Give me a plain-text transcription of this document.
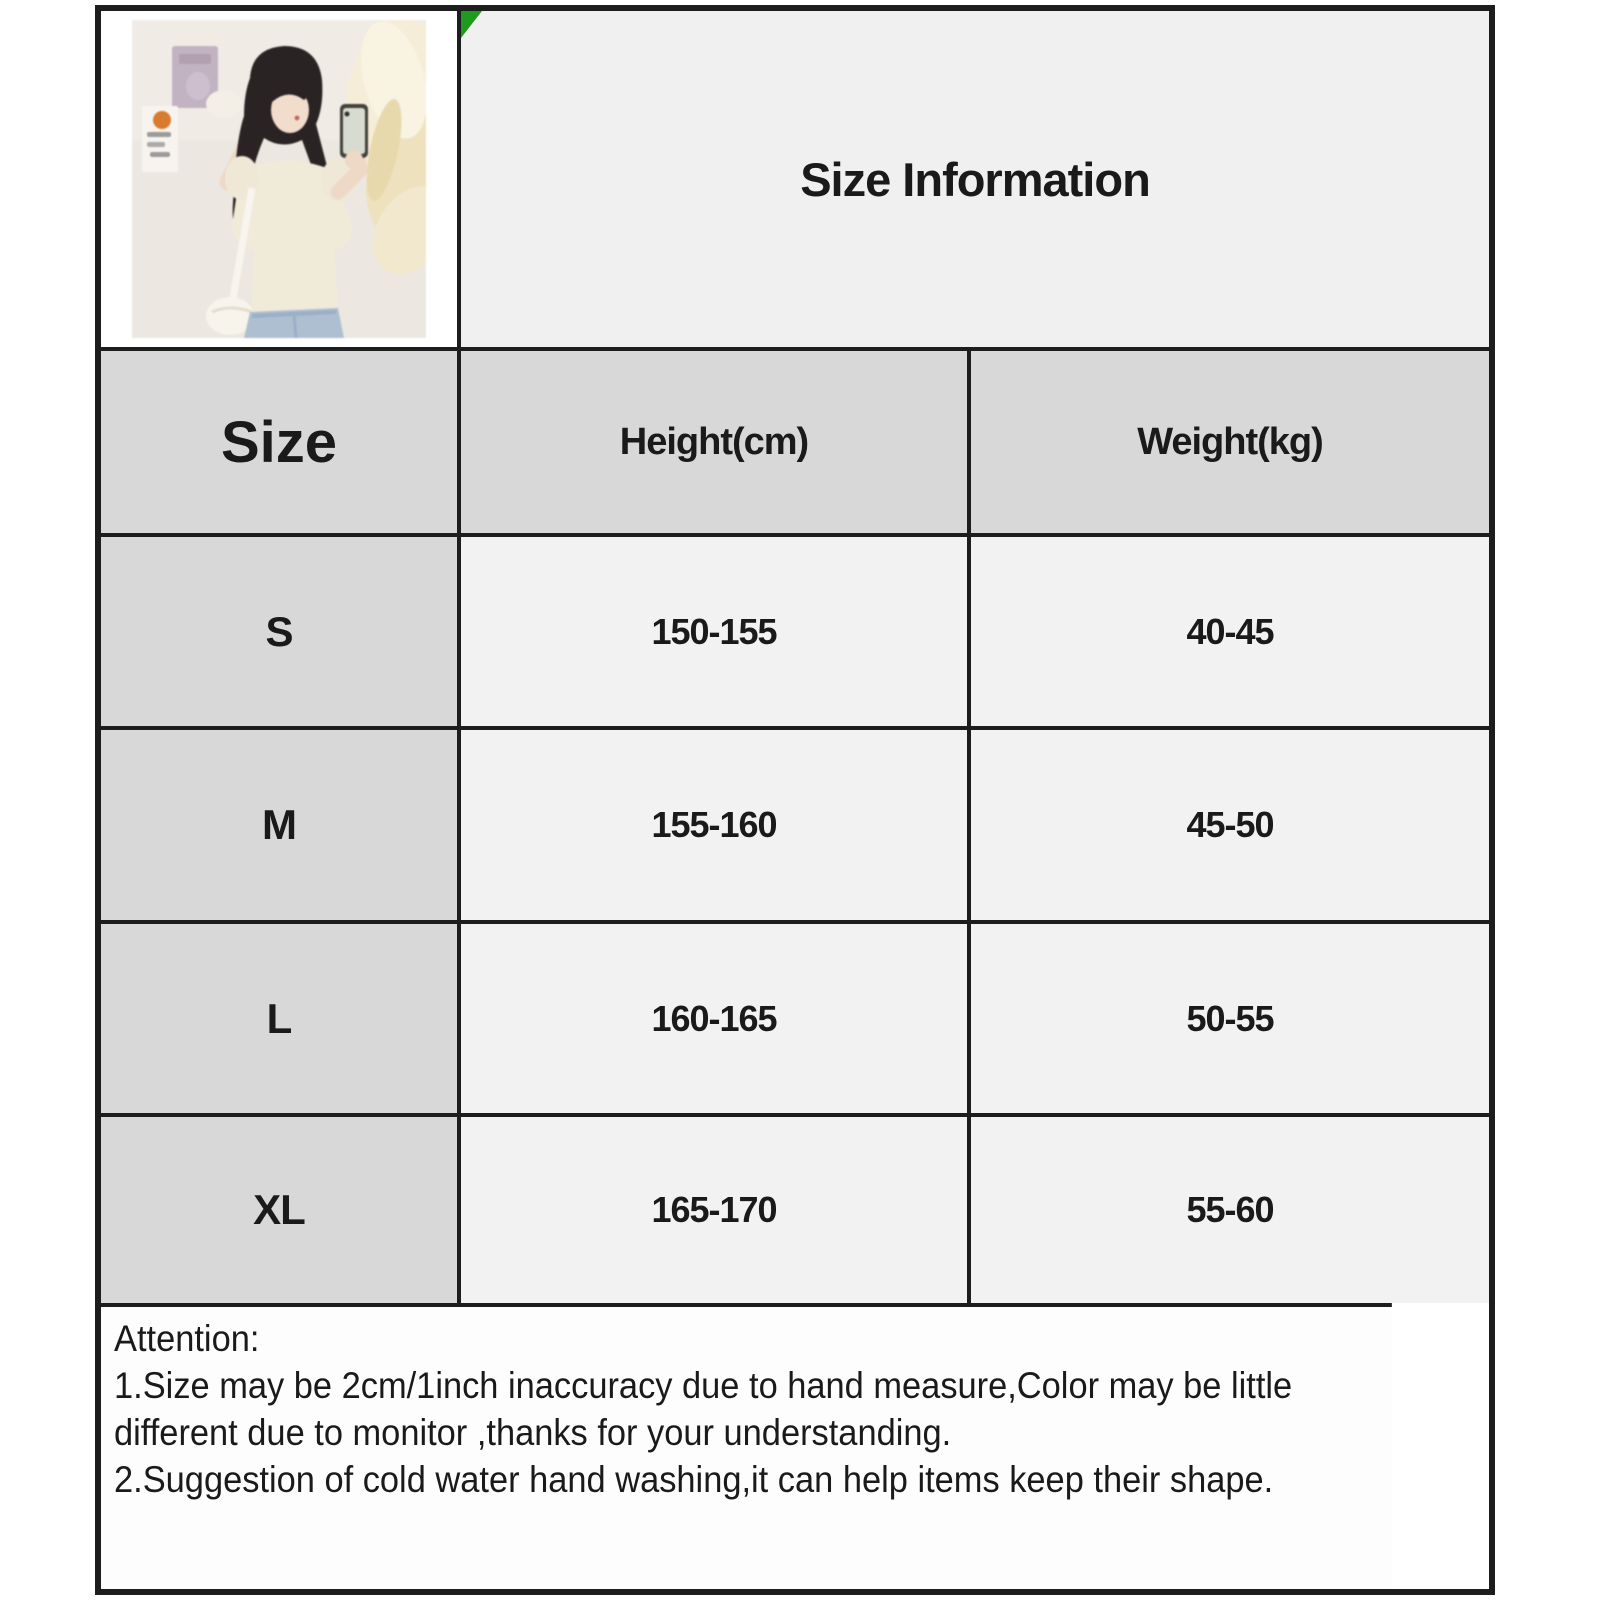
Size Information
Size	Height(cm)	Weight(kg)
S	150-155	40-45
M	155-160	45-50
L	160-165	50-55
XL	165-170	55-60
Attention:
1.Size may be 2cm/1inch inaccuracy due to hand measure,Color may be little
different due to monitor ,thanks for your understanding.
2.Suggestion of cold water hand washing,it can help items keep their shape.
